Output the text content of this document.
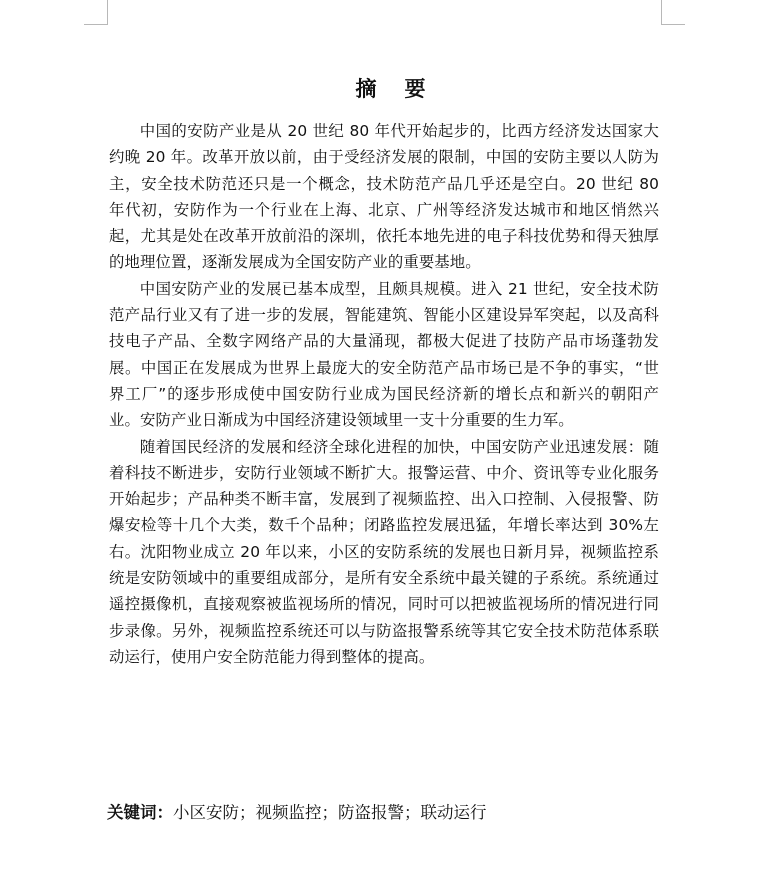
摘 要

中国的安防产业是从 20 世纪 80 年代开始起步的，比西方经济发达国家大约晚 20 年。改革开放以前，由于受经济发展的限制，中国的安防主要以人防为主，安全技术防范还只是一个概念，技术防范产品几乎还是空白。20 世纪 80 年代初，安防作为一个行业在上海、北京、广州等经济发达城市和地区悄然兴起，尤其是处在改革开放前沿的深圳，依托本地先进的电子科技优势和得天独厚的地理位置，逐渐发展成为全国安防产业的重要基地。

中国安防产业的发展已基本成型，且颇具规模。进入 21 世纪，安全技术防范产品行业又有了进一步的发展，智能建筑、智能小区建设异军突起，以及高科技电子产品、全数字网络产品的大量涌现，都极大促进了技防产品市场蓬勃发展。中国正在发展成为世界上最庞大的安全防范产品市场已是不争的事实，“世界工厂”的逐步形成使中国安防行业成为国民经济新的增长点和新兴的朝阳产业。安防产业日渐成为中国经济建设领域里一支十分重要的生力军。

随着国民经济的发展和经济全球化进程的加快，中国安防产业迅速发展：随着科技不断进步，安防行业领域不断扩大。报警运营、中介、资讯等专业化服务开始起步；产品种类不断丰富，发展到了视频监控、出入口控制、入侵报警、防爆安检等十几个大类，数千个品种；闭路监控发展迅猛，年增长率达到 30%左右。沈阳物业成立 20 年以来，小区的安防系统的发展也日新月异，视频监控系统是安防领域中的重要组成部分，是所有安全系统中最关键的子系统。系统通过遥控摄像机，直接观察被监视场所的情况，同时可以把被监视场所的情况进行同步录像。另外，视频监控系统还可以与防盗报警系统等其它安全技术防范体系联动运行，使用户安全防范能力得到整体的提高。

关键词：小区安防；视频监控；防盗报警；联动运行
